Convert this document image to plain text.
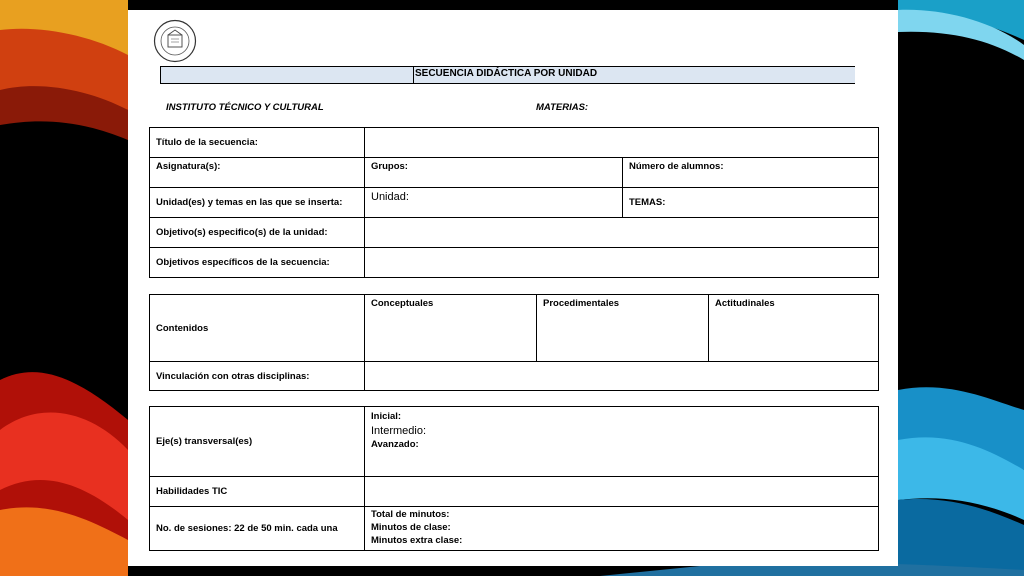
SECUENCIA DIDÁCTICA POR UNIDAD
INSTITUTO TÉCNICO Y CULTURAL	MATERIAS:
Título de la secuencia:		
Asignatura(s):	Grupos:	Número de alumnos:
Unidad(es) y temas en las que se inserta:	Unidad:	TEMAS:
Objetivo(s) especifico(s) de la unidad:		
Objetivos específicos de la secuencia:		
Contenidos	Conceptuales	Procedimentales	Actitudinales
Vinculación con otras disciplinas:			
Eje(s) transversal(es)	Inicial:
Intermedio:
Avanzado:

Habilidades TIC	
No. de sesiones: 22 de 50 min. cada una	Total de minutos:
Minutos de clase:
Minutos extra clase:
